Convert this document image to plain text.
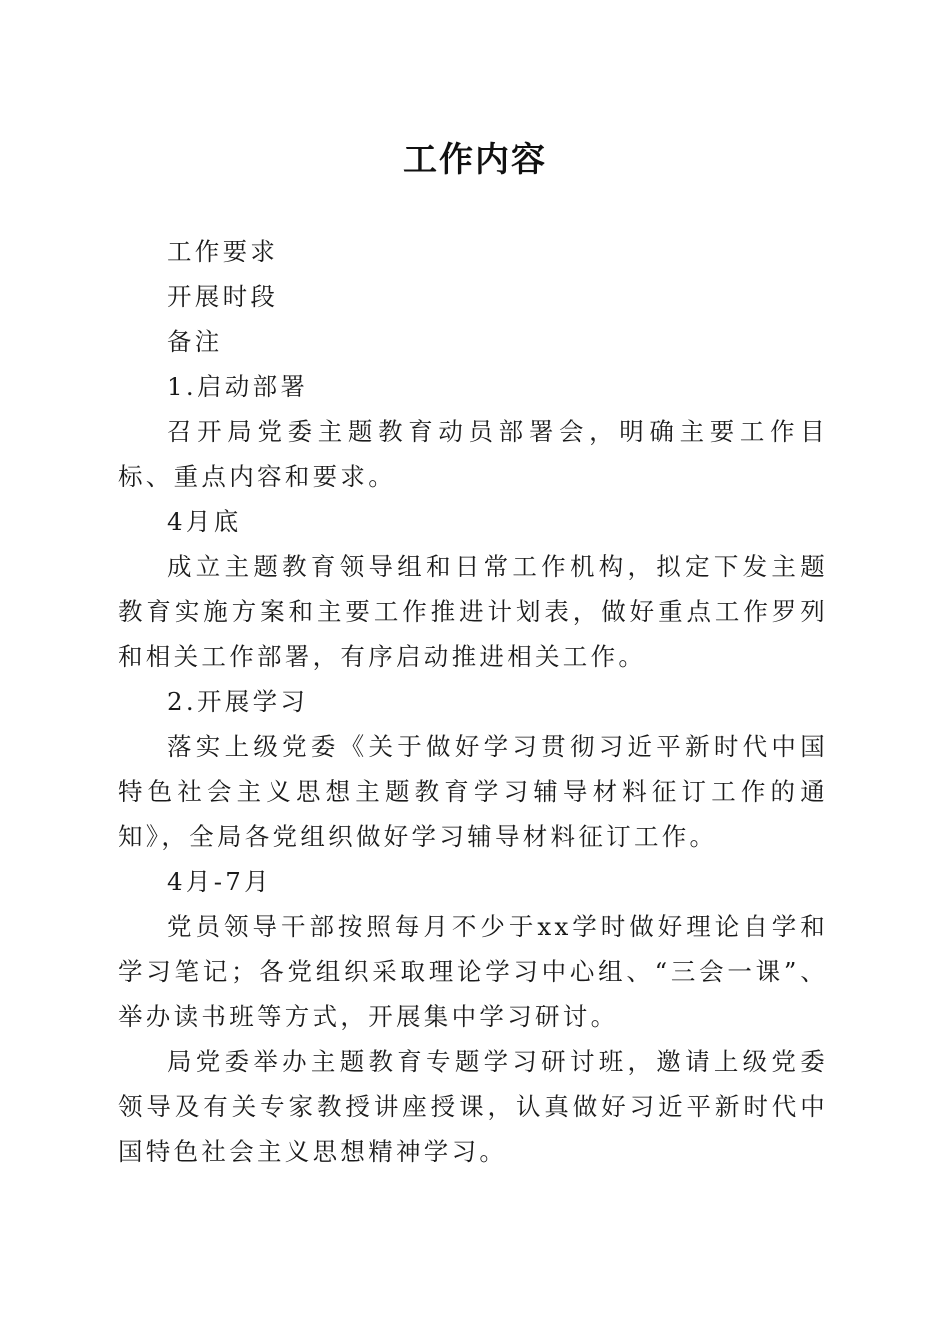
工作内容

工作要求

开展时段

备注

1.启动部署

召开局党委主题教育动员部署会，明确主要工作目标、重点内容和要求。

4月底

成立主题教育领导组和日常工作机构，拟定下发主题教育实施方案和主要工作推进计划表，做好重点工作罗列和相关工作部署，有序启动推进相关工作。

2.开展学习

落实上级党委《关于做好学习贯彻习近平新时代中国特色社会主义思想主题教育学习辅导材料征订工作的通知》，全局各党组织做好学习辅导材料征订工作。

4月-7月

党员领导干部按照每月不少于xx学时做好理论自学和学习笔记；各党组织采取理论学习中心组、“三会一课”、举办读书班等方式，开展集中学习研讨。

局党委举办主题教育专题学习研讨班，邀请上级党委领导及有关专家教授讲座授课，认真做好习近平新时代中国特色社会主义思想精神学习。
